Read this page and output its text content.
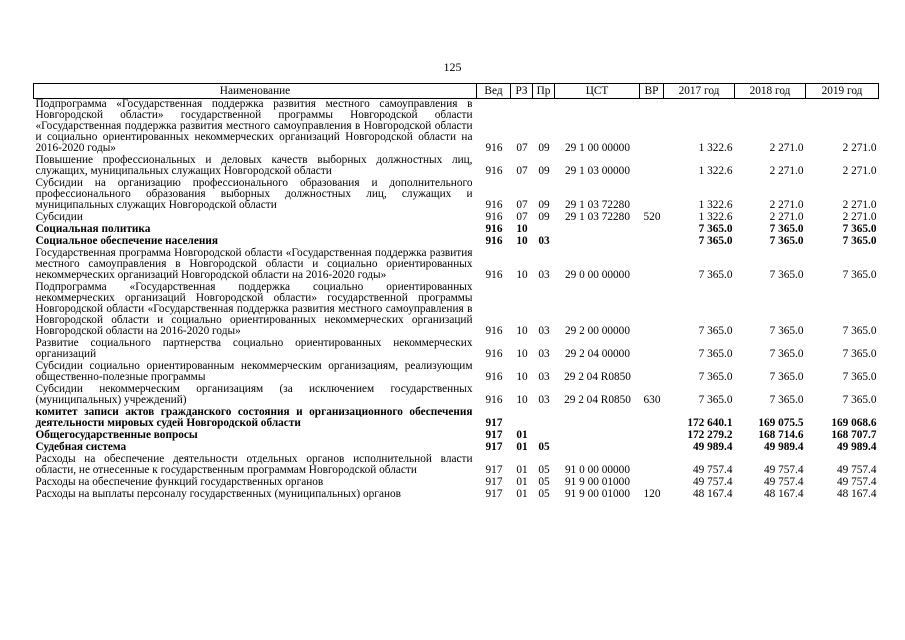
125
Наименование	Вед	РЗ	Пр	ЦСТ	ВР	2017 год	2018 год	2019 год
Подпрограмма «Государственная поддержка развития местного самоуправления в Новгородской области» государственной программы Новгородской области «Государственная поддержка развития местного самоуправления в Новгородской области и социально ориентированных некоммерческих организаций Новгородской области на 2016-2020 годы»	916	07	09	29 1 00 00000		1 322.6	2 271.0	2 271.0
Повышение профессиональных и деловых качеств выборных должностных лиц, служащих, муниципальных служащих Новгородской области	916	07	09	29 1 03 00000		1 322.6	2 271.0	2 271.0
Субсидии на организацию профессионального образования и дополнительного профессионального образования выборных должностных лиц, служащих и муниципальных служащих Новгородской области	916	07	09	29 1 03 72280		1 322.6	2 271.0	2 271.0
Субсидии	916	07	09	29 1 03 72280	520	1 322.6	2 271.0	2 271.0
Социальная политика	916	10				7 365.0	7 365.0	7 365.0
Социальное обеспечение населения	916	10	03			7 365.0	7 365.0	7 365.0
Государственная программа Новгородской области «Государственная поддержка развития местного самоуправления в Новгородской области и социально ориентированных некоммерческих организаций Новгородской области на 2016-2020 годы»	916	10	03	29 0 00 00000		7 365.0	7 365.0	7 365.0
Подпрограмма «Государственная поддержка социально ориентированных некоммерческих организаций Новгородской области» государственной программы Новгородской области «Государственная поддержка развития местного самоуправления в Новгородской области и социально ориентированных некоммерческих организаций Новгородской области на 2016-2020 годы»	916	10	03	29 2 00 00000		7 365.0	7 365.0	7 365.0
Развитие социального партнерства социально ориентированных некоммерческих организаций	916	10	03	29 2 04 00000		7 365.0	7 365.0	7 365.0
Субсидии социально ориентированным некоммерческим организациям, реализующим общественно-полезные программы	916	10	03	29 2 04 R0850		7 365.0	7 365.0	7 365.0
Субсидии некоммерческим организациям (за исключением государственных (муниципальных) учреждений)	916	10	03	29 2 04 R0850	630	7 365.0	7 365.0	7 365.0
комитет записи актов гражданского состояния и организационного обеспечения деятельности мировых судей Новгородской области	917					172 640.1	169 075.5	169 068.6
Общегосударственные вопросы	917	01				172 279.2	168 714.6	168 707.7
Судебная система	917	01	05			49 989.4	49 989.4	49 989.4
Расходы на обеспечение деятельности отдельных органов исполнительной власти области, не отнесенные к государственным программам Новгородской области	917	01	05	91 0 00 00000		49 757.4	49 757.4	49 757.4
Расходы на обеспечение функций государственных органов	917	01	05	91 9 00 01000		49 757.4	49 757.4	49 757.4
Расходы на выплаты персоналу государственных (муниципальных) органов	917	01	05	91 9 00 01000	120	48 167.4	48 167.4	48 167.4
